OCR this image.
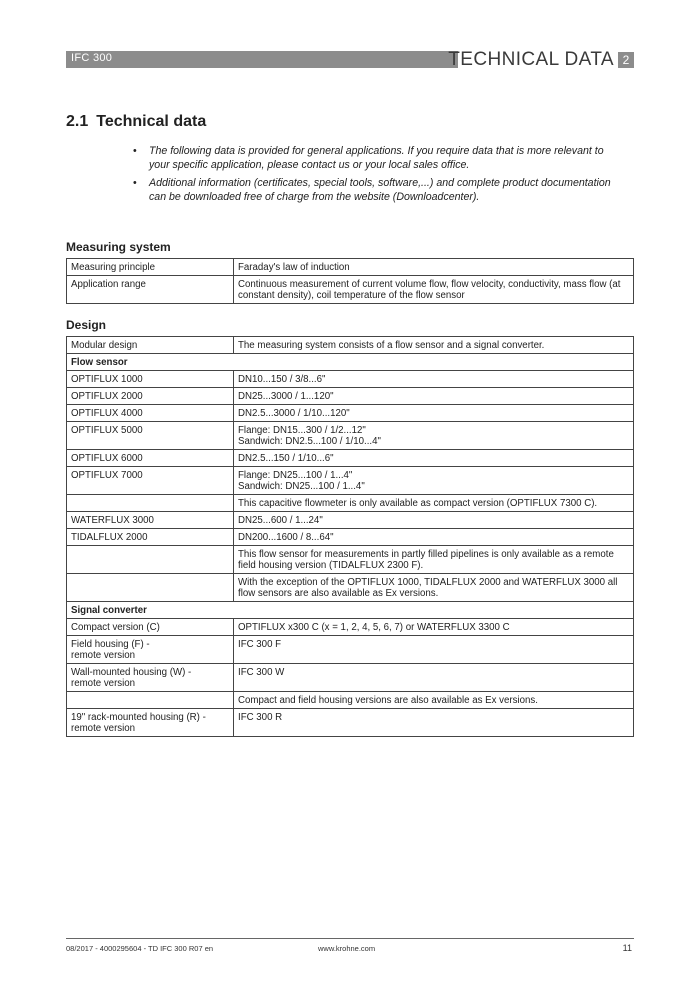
IFC 300	TECHNICAL DATA 2
2.1 Technical data
• The following data is provided for general applications. If you require data that is more relevant to your specific application, please contact us or your local sales office.
• Additional information (certificates, special tools, software,...) and complete product documentation can be downloaded free of charge from the website (Downloadcenter).
Measuring system
Measuring principle	Faraday's law of induction
Application range	Continuous measurement of current volume flow, flow velocity, conductivity, mass flow (at constant density), coil temperature of the flow sensor
Design
Modular design	The measuring system consists of a flow sensor and a signal converter.
Flow sensor	
OPTIFLUX 1000	DN10...150 / 3/8...6"
OPTIFLUX 2000	DN25...3000 / 1...120"
OPTIFLUX 4000	DN2.5...3000 / 1/10...120"
OPTIFLUX 5000	Flange: DN15...300 / 1/2...12"
Sandwich: DN2.5...100 / 1/10...4"

OPTIFLUX 6000	DN2.5...150 / 1/10...6"
OPTIFLUX 7000	Flange: DN25...100 / 1...4"
Sandwich: DN25...100 / 1...4"

	This capacitive flowmeter is only available as compact version (OPTIFLUX 7300 C).
WATERFLUX 3000	DN25...600 / 1...24"
TIDALFLUX 2000	DN200...1600 / 8...64"
	This flow sensor for measurements in partly filled pipelines is only available as a remote field housing version (TIDALFLUX 2300 F).
	With the exception of the OPTIFLUX 1000, TIDALFLUX 2000 and WATERFLUX 3000 all flow sensors are also available as Ex versions.
Signal converter	
Compact version (C)	OPTIFLUX x300 C (x = 1, 2, 4, 5, 6, 7) or WATERFLUX 3300 C

Field housing (F) -
remote version	IFC 300 F

Wall-mounted housing (W) -
remote version	IFC 300 W
	Compact and field housing versions are also available as Ex versions.

19" rack-mounted housing (R) -
remote version	IFC 300 R
08/2017 - 4000295604 - TD IFC 300 R07 en	www.krohne.com	11
